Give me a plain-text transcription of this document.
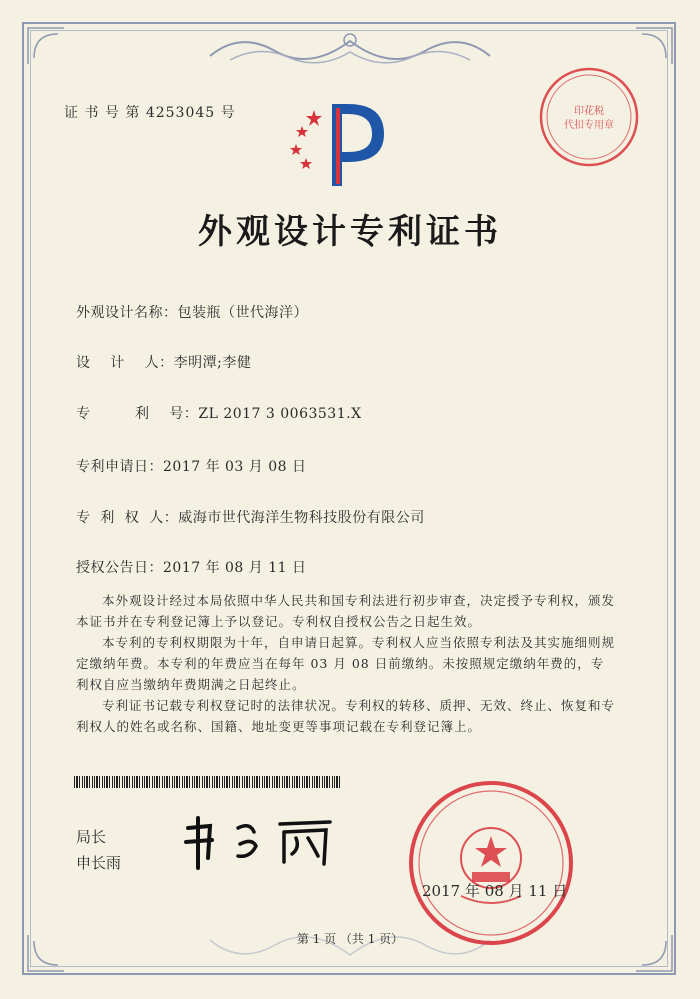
证 书 号 第 4253045 号	印花税
代扣专用章
外观设计专利证书
外观设计名称：包装瓶（世代海洋）
设    计    人：李明潭;李健
专         利    号：ZL 2017 3 0063531.X
专利申请日：2017 年 03 月 08 日
专  利  权  人：威海市世代海洋生物科技股份有限公司
授权公告日：2017 年 08 月 11 日
本外观设计经过本局依照中华人民共和国专利法进行初步审查，决定授予专利权，颁发本证书并在专利登记簿上予以登记。专利权自授权公告之日起生效。
本专利的专利权期限为十年，自申请日起算。专利权人应当依照专利法及其实施细则规定缴纳年费。本专利的年费应当在每年 03 月 08 日前缴纳。未按照规定缴纳年费的，专利权自应当缴纳年费期满之日起终止。
专利证书记载专利权登记时的法律状况。专利权的转移、质押、无效、终止、恢复和专利权人的姓名或名称、国籍、地址变更等事项记载在专利登记簿上。
局长
申长雨
2017 年 08 月 11 日
第 1 页 （共 1 页）
